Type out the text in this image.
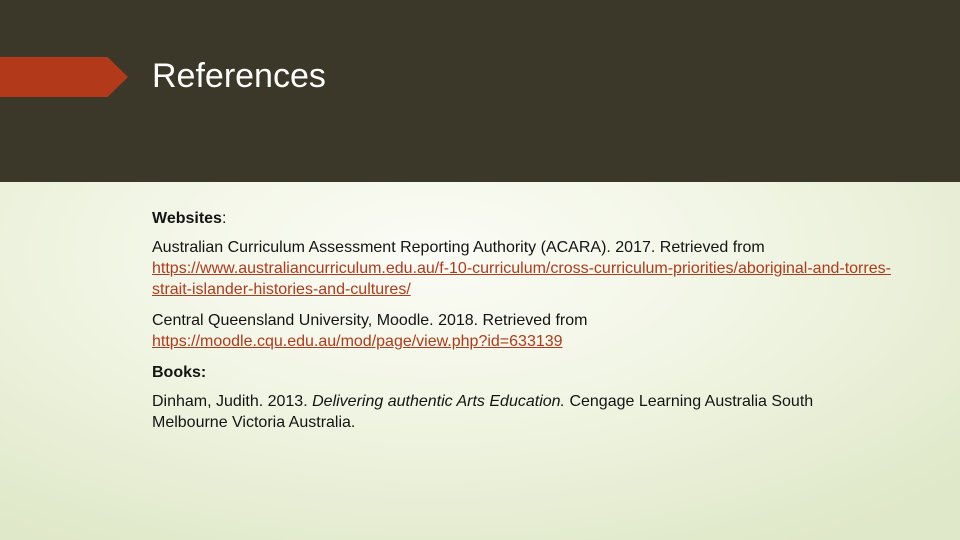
References

Websites:

Australian Curriculum Assessment Reporting Authority (ACARA). 2017. Retrieved from https://www.australiancurriculum.edu.au/f-10-curriculum/cross-curriculum-priorities/aboriginal-and-torres-strait-islander-histories-and-cultures/

Central Queensland University, Moodle. 2018. Retrieved from
https://moodle.cqu.edu.au/mod/page/view.php?id=633139

Books:

Dinham, Judith. 2013. Delivering authentic Arts Education. Cengage Learning Australia South Melbourne Victoria Australia.
